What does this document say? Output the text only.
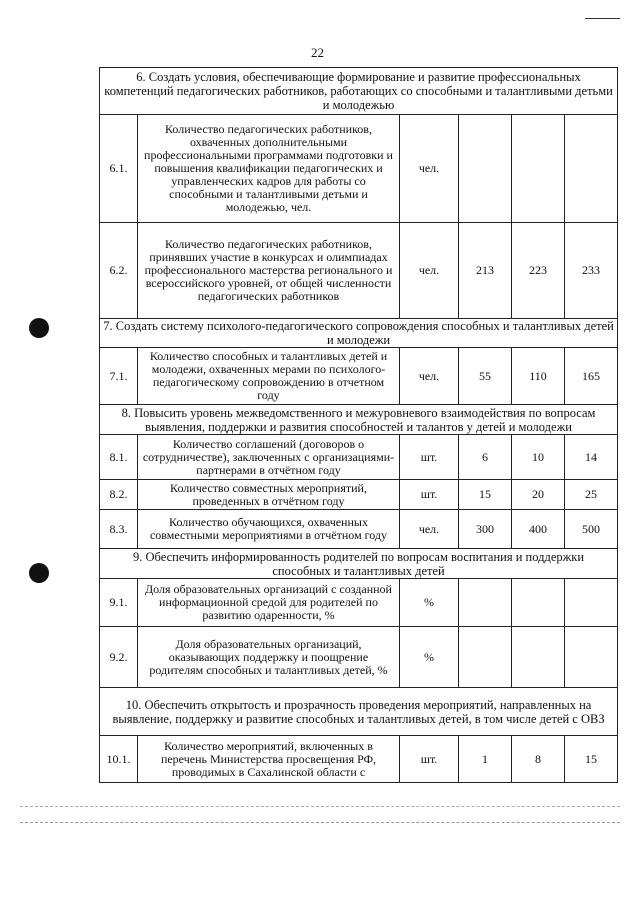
22
6. Создать условия, обеспечивающие формирование и развитие профессиональных компетенций педагогических работников, работающих со способными и талантливыми детьми и молодежью					
6.1.	Количество педагогических работников, охваченных дополнительными профессиональными программами подготовки и повышения квалификации педагогических и управленческих кадров для работы со способными и талантливыми детьми и молодежью, чел.	чел.			
6.2.	Количество педагогических работников, принявших участие в конкурсах и олимпиадах профессионального мастерства регионального и всероссийского уровней, от общей численности педагогических работников	чел.	213	223	233
7. Создать систему психолого-педагогического сопровождения способных и талантливых детей и молодежи					
7.1.	Количество способных и талантливых детей и молодежи, охваченных мерами по психолого-педагогическому сопровождению в отчетном году	чел.	55	110	165
8. Повысить уровень межведомственного и межуровневого взаимодействия по вопросам выявления, поддержки и развития способностей и талантов у детей и молодежи					
8.1.	Количество соглашений (договоров о сотрудничестве), заключенных с организациями-партнерами в отчётном году	шт.	6	10	14
8.2.	Количество совместных мероприятий, проведенных в отчётном году	шт.	15	20	25
8.3.	Количество обучающихся, охваченных совместными мероприятиями в отчётном году	чел.	300	400	500
9. Обеспечить информированность родителей по вопросам воспитания и поддержки способных и талантливых детей					
9.1.	Доля образовательных организаций с созданной информационной средой для родителей по развитию одаренности, %	%			
9.2.	Доля образовательных организаций, оказывающих поддержку и поощрение родителям способных и талантливых детей, %	%			
10. Обеспечить открытость и прозрачность проведения мероприятий, направленных на выявление, поддержку и развитие способных и талантливых детей, в том числе детей с ОВЗ					
10.1.	Количество мероприятий, включенных в перечень Министерства просвещения РФ, проводимых в Сахалинской области с	шт.	1	8	15
